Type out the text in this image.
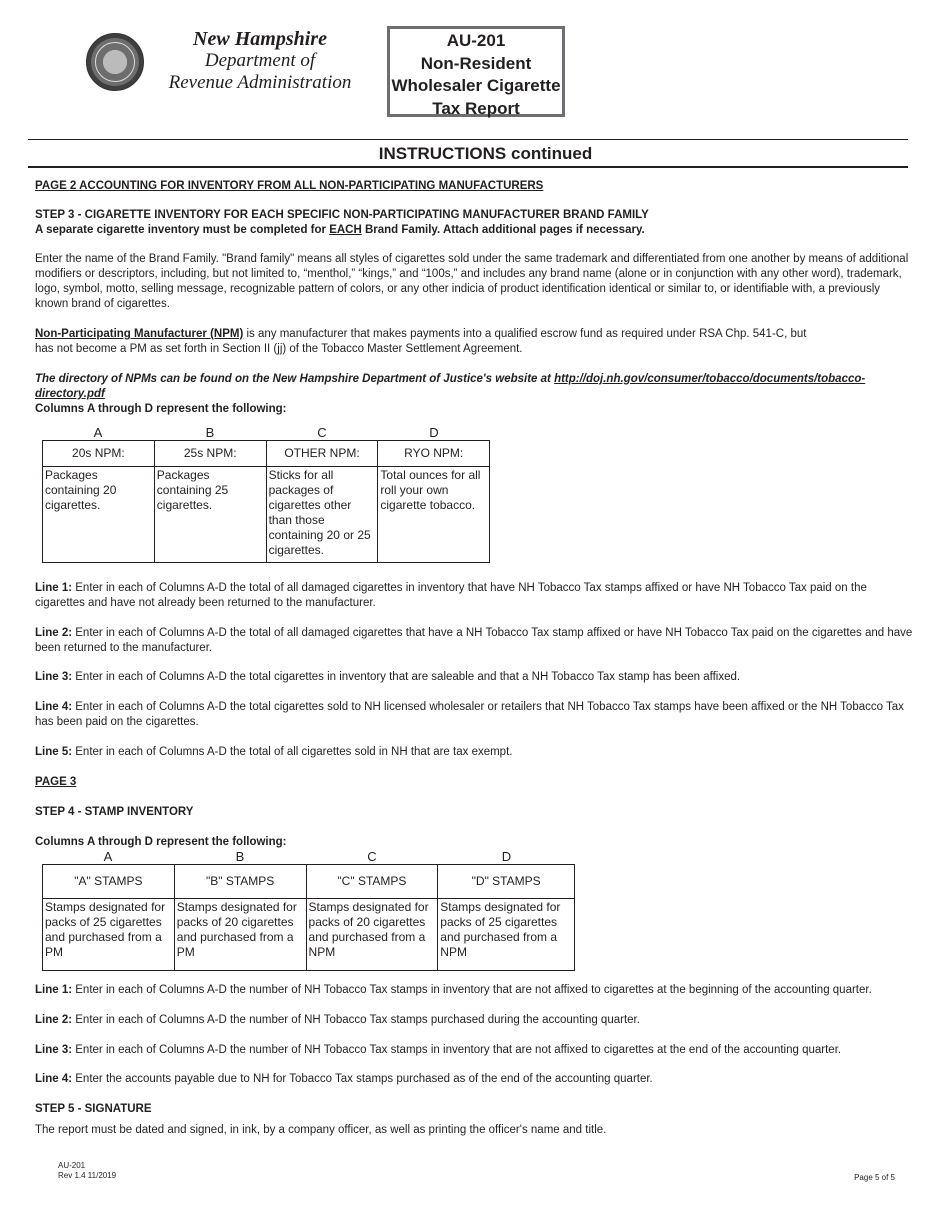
New Hampshire
Department of
Revenue Administration
AU-201
Non-Resident
Wholesaler Cigarette
Tax Report
INSTRUCTIONS continued

PAGE 2 ACCOUNTING FOR INVENTORY FROM ALL NON-PARTICIPATING MANUFACTURERS

STEP 3 - CIGARETTE INVENTORY FOR EACH SPECIFIC NON-PARTICIPATING MANUFACTURER BRAND FAMILY

A separate cigarette inventory must be completed for EACH Brand Family. Attach additional pages if necessary.

Enter the name of the Brand Family. "Brand family" means all styles of cigarettes sold under the same trademark and differentiated from one another by means of additional modifiers or descriptors, including, but not limited to, “menthol,” “kings,” and “100s,” and includes any brand name (alone or in conjunction with any other word), trademark, logo, symbol, motto, selling message, recognizable pattern of colors, or any other indicia of product identification identical or similar to, or identifiable with, a previously known brand of cigarettes.

Non-Participating Manufacturer (NPM) is any manufacturer that makes payments into a qualified escrow fund as required under RSA Chp. 541-C, but
has not become a PM as set forth in Section II (jj) of the Tobacco Master Settlement Agreement.

The directory of NPMs can be found on the New Hampshire Department of Justice's website at http://doj.nh.gov/consumer/tobacco/documents/tobacco-directory.pdf

Columns A through D represent the following:

A	B	C	D
20s NPM:	25s NPM:	OTHER NPM:	RYO NPM:
Packages containing 20 cigarettes.	Packages containing 25 cigarettes.	Sticks for all packages of cigarettes other than those containing 20 or 25 cigarettes.	Total ounces for all roll your own cigarette tobacco.

Line 1: Enter in each of Columns A-D the total of all damaged cigarettes in inventory that have NH Tobacco Tax stamps affixed or have NH Tobacco Tax paid on the cigarettes and have not already been returned to the manufacturer.

Line 2: Enter in each of Columns A-D the total of all damaged cigarettes that have a NH Tobacco Tax stamp affixed or have NH Tobacco Tax paid on the cigarettes and have been returned to the manufacturer.

Line 3: Enter in each of Columns A-D the total cigarettes in inventory that are saleable and that a NH Tobacco Tax stamp has been affixed.

Line 4: Enter in each of Columns A-D the total cigarettes sold to NH licensed wholesaler or retailers that NH Tobacco Tax stamps have been affixed or the NH Tobacco Tax has been paid on the cigarettes.

Line 5: Enter in each of Columns A-D the total of all cigarettes sold in NH that are tax exempt.

PAGE 3

STEP 4 - STAMP INVENTORY

Columns A through D represent the following:

A	B	C	D
"A" STAMPS	"B" STAMPS	"C" STAMPS	"D" STAMPS
Stamps designated for packs of 25 cigarettes and purchased from a PM	Stamps designated for packs of 20 cigarettes and purchased from a PM	Stamps designated for packs of 20 cigarettes and purchased from a NPM	Stamps designated for packs of 25 cigarettes and purchased from a NPM

Line 1: Enter in each of Columns A-D the number of NH Tobacco Tax stamps in inventory that are not affixed to cigarettes at the beginning of the accounting quarter.

Line 2: Enter in each of Columns A-D the number of NH Tobacco Tax stamps purchased during the accounting quarter.

Line 3: Enter in each of Columns A-D the number of NH Tobacco Tax stamps in inventory that are not affixed to cigarettes at the end of the accounting quarter.

Line 4: Enter the accounts payable due to NH for Tobacco Tax stamps purchased as of the end of the accounting quarter.

STEP 5 - SIGNATURE

The report must be dated and signed, in ink, by a company officer, as well as printing the officer's name and title.

AU-201
Rev 1.4 11/2019	Page 5 of 5
